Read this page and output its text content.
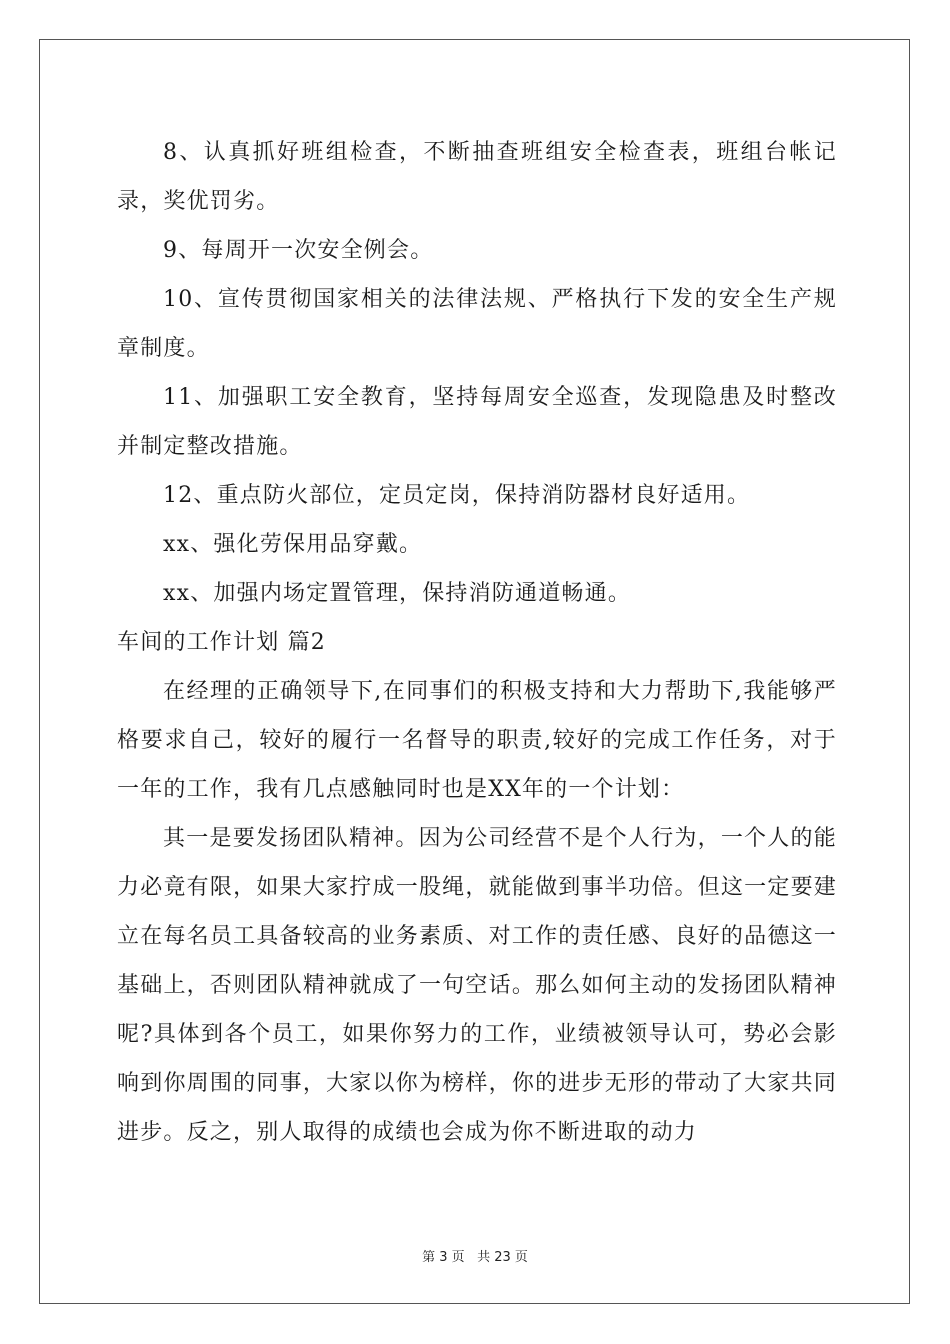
8、认真抓好班组检查，不断抽查班组安全检查表，班组台帐记录，奖优罚劣。

9、每周开一次安全例会。

10、宣传贯彻国家相关的法律法规、严格执行下发的安全生产规章制度。

11、加强职工安全教育，坚持每周安全巡查，发现隐患及时整改并制定整改措施。

12、重点防火部位，定员定岗，保持消防器材良好适用。

xx、强化劳保用品穿戴。

xx、加强内场定置管理，保持消防通道畅通。

车间的工作计划 篇2

在经理的正确领导下,在同事们的积极支持和大力帮助下,我能够严格要求自己，较好的履行一名督导的职责,较好的完成工作任务，对于一年的工作，我有几点感触同时也是XX年的一个计划：

其一是要发扬团队精神。因为公司经营不是个人行为，一个人的能力必竟有限，如果大家拧成一股绳，就能做到事半功倍。但这一定要建立在每名员工具备较高的业务素质、对工作的责任感、良好的品德这一基础上，否则团队精神就成了一句空话。那么如何主动的发扬团队精神呢?具体到各个员工，如果你努力的工作，业绩被领导认可，势必会影响到你周围的同事，大家以你为榜样，你的进步无形的带动了大家共同进步。反之，别人取得的成绩也会成为你不断进取的动力

第 3 页 共 23 页
